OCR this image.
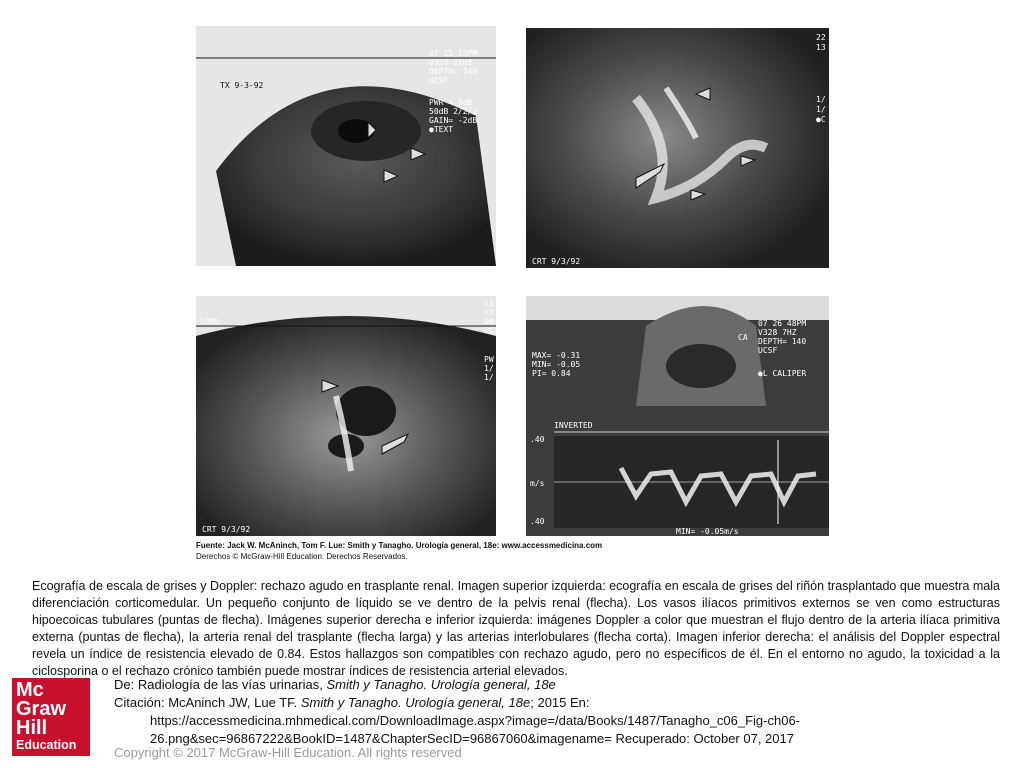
07 25 15PM
V328 21HZ
DEPTH= 140
UCSF
PWR = 0dB
50dB 2/2/2
GAIN= -2dB
●TEXT
TX 9-3-92
22
13
1/
1/
●C
CRT 9/3/92
LONG
11
V3
D8
UC
PW
1/
1/
CRT 9/3/92
07 26 48PM
V328 7HZ
DEPTH= 140
UCSF
CA
MAX= -0.31
MIN= -0.05
PI= 0.84	●L CALIPER
INVERTED
.40
m/s
.40
MIN= -0.05m/s
Fuente: Jack W. McAninch, Tom F. Lue: Smith y Tanagho. Urología general, 18e: www.accessmedicina.com
Derechos © McGraw-Hill Education. Derechos Reservados.
Ecografía de escala de grises y Doppler: rechazo agudo en trasplante renal. Imagen superior izquierda: ecografía en escala de grises del riñón trasplantado que muestra mala diferenciación corticomedular. Un pequeño conjunto de líquido se ve dentro de la pelvis renal (flecha). Los vasos ilíacos primitivos externos se ven como estructuras hipoecoicas tubulares (puntas de flecha). Imágenes superior derecha e inferior izquierda: imágenes Doppler a color que muestran el flujo dentro de la arteria ilíaca primitiva externa (puntas de flecha), la arteria renal del trasplante (flecha larga) y las arterias interlobulares (flecha corta). Imagen inferior derecha: el análisis del Doppler espectral revela un índice de resistencia elevado de 0.84. Estos hallazgos son compatibles con rechazo agudo, pero no específicos de él. En el entorno no agudo, la toxicidad a la ciclosporina o el rechazo crónico también puede mostrar índices de resistencia arterial elevados.
Mc
Graw
Hill
Education
De: Radiología de las vías urinarias, Smith y Tanagho. Urología general, 18e
Citación: McAninch JW, Lue TF. Smith y Tanagho. Urología general, 18e; 2015 En:
https://accessmedicina.mhmedical.com/DownloadImage.aspx?image=/data/Books/1487/Tanagho_c06_Fig-ch06-
26.png&sec=96867222&BookID=1487&ChapterSecID=96867060&imagename= Recuperado: October 07, 2017
Copyright © 2017 McGraw-Hill Education. All rights reserved
